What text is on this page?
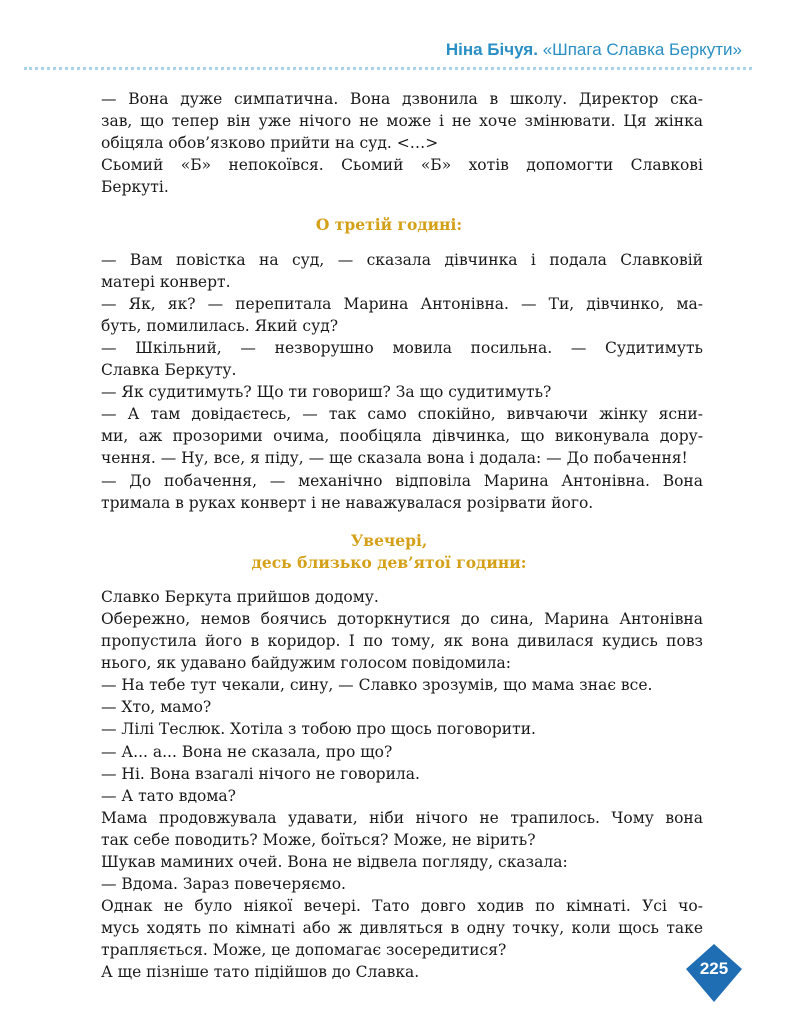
Ніна Бічуя. «Шпага Славка Беркути»

— Вона дуже симпатична. Вона дзвонила в школу. Директор ска-
зав, що тепер він уже нічого не може і не хоче змінювати. Ця жінка
обіцяла обов’язково прийти на суд. <…>

Сьомий «Б» непокоївся. Сьомий «Б» хотів допомогти Славкові
Беркуті.

О третій годині:

— Вам повістка на суд, — сказала дівчинка і подала Славковій
матері конверт.

— Як, як? — перепитала Марина Антонівна. — Ти, дівчинко, ма-
буть, помилилась. Який суд?

— Шкільний, — незворушно мовила посильна. — Судитимуть
Славка Беркуту.

— Як судитимуть? Що ти говориш? За що судитимуть?

— А там довідаєтесь, — так само спокійно, вивчаючи жінку ясни-
ми, аж прозорими очима, пообіцяла дівчинка, що виконувала дору-
чення. — Ну, все, я піду, — ще сказала вона і додала: — До побачення!

— До побачення, — механічно відповіла Марина Антонівна. Вона
тримала в руках конверт і не наважувалася розірвати його.

Увечері,
десь близько дев’ятої години:

Славко Беркута прийшов додому.

Обережно, немов боячись доторкнутися до сина, Марина Антонівна
пропустила його в коридор. І по тому, як вона дивилася кудись повз
нього, як удавано байдужим голосом повідомила:

— На тебе тут чекали, сину, — Славко зрозумів, що мама знає все.

— Хто, мамо?

— Лілі Теслюк. Хотіла з тобою про щось поговорити.

— А... а... Вона не сказала, про що?

— Ні. Вона взагалі нічого не говорила.

— А тато вдома?

Мама продовжувала удавати, ніби нічого не трапилось. Чому вона
так себе поводить? Може, боїться? Може, не вірить?

Шукав маминих очей. Вона не відвела погляду, сказала:

— Вдома. Зараз повечеряємо.

Однак не було ніякої вечері. Тато довго ходив по кімнаті. Усі чо-
мусь ходять по кімнаті або ж дивляться в одну точку, коли щось таке
трапляється. Може, це допомагає зосередитися?

А ще пізніше тато підійшов до Славка.	225
